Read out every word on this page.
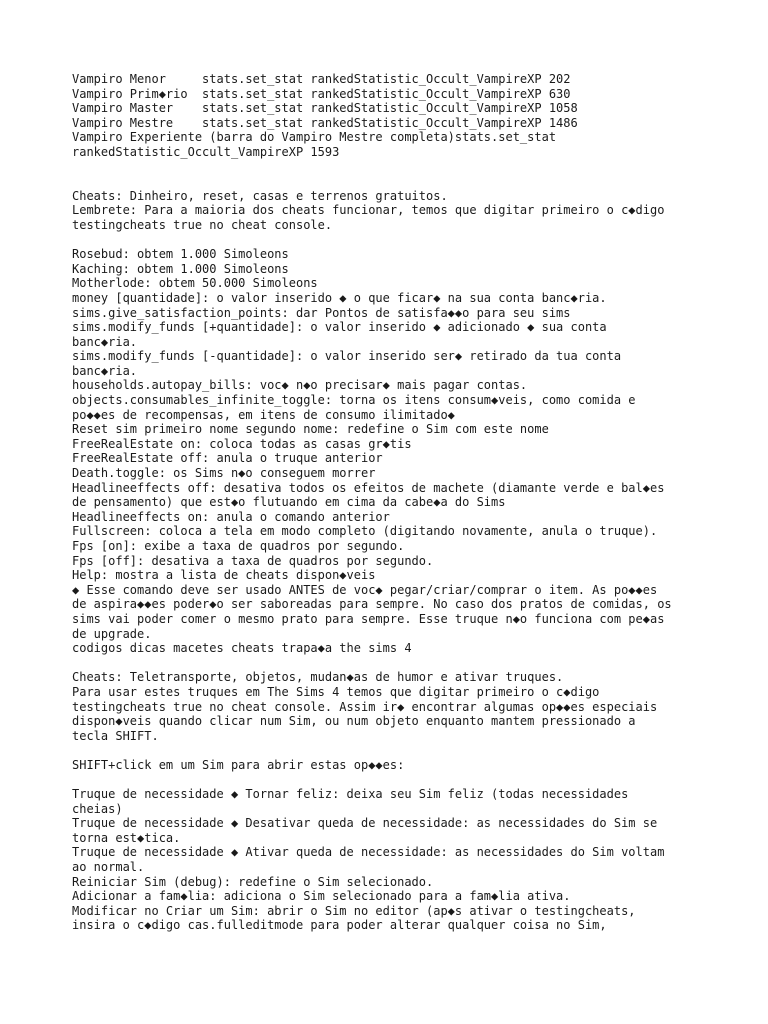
Vampiro Menor     stats.set_stat rankedStatistic_Occult_VampireXP 202
Vampiro Prim◆rio  stats.set_stat rankedStatistic_Occult_VampireXP 630
Vampiro Master    stats.set_stat rankedStatistic_Occult_VampireXP 1058
Vampiro Mestre    stats.set_stat rankedStatistic_Occult_VampireXP 1486
Vampiro Experiente (barra do Vampiro Mestre completa)stats.set_stat
rankedStatistic_Occult_VampireXP 1593
Cheats: Dinheiro, reset, casas e terrenos gratuitos.
Lembrete: Para a maioria dos cheats funcionar, temos que digitar primeiro o c◆digo
testingcheats true no cheat console.
Rosebud: obtem 1.000 Simoleons
Kaching: obtem 1.000 Simoleons
Motherlode: obtem 50.000 Simoleons
money [quantidade]: o valor inserido ◆ o que ficar◆ na sua conta banc◆ria.
sims.give_satisfaction_points: dar Pontos de satisfa◆◆o para seu sims
sims.modify_funds [+quantidade]: o valor inserido ◆ adicionado ◆ sua conta
banc◆ria.
sims.modify_funds [-quantidade]: o valor inserido ser◆ retirado da tua conta
banc◆ria.
households.autopay_bills: voc◆ n◆o precisar◆ mais pagar contas.
objects.consumables_infinite_toggle: torna os itens consum◆veis, como comida e
po◆◆es de recompensas, em itens de consumo ilimitado◆
Reset sim primeiro nome segundo nome: redefine o Sim com este nome
FreeRealEstate on: coloca todas as casas gr◆tis
FreeRealEstate off: anula o truque anterior
Death.toggle: os Sims n◆o conseguem morrer
Headlineeffects off: desativa todos os efeitos de machete (diamante verde e bal◆es
de pensamento) que est◆o flutuando em cima da cabe◆a do Sims
Headlineeffects on: anula o comando anterior
Fullscreen: coloca a tela em modo completo (digitando novamente, anula o truque).
Fps [on]: exibe a taxa de quadros por segundo.
Fps [off]: desativa a taxa de quadros por segundo.
Help: mostra a lista de cheats dispon◆veis
◆ Esse comando deve ser usado ANTES de voc◆ pegar/criar/comprar o item. As po◆◆es
de aspira◆◆es poder◆o ser saboreadas para sempre. No caso dos pratos de comidas, os
sims vai poder comer o mesmo prato para sempre. Esse truque n◆o funciona com pe◆as
de upgrade.
codigos dicas macetes cheats trapa◆a the sims 4
Cheats: Teletransporte, objetos, mudan◆as de humor e ativar truques.
Para usar estes truques em The Sims 4 temos que digitar primeiro o c◆digo
testingcheats true no cheat console. Assim ir◆ encontrar algumas op◆◆es especiais
dispon◆veis quando clicar num Sim, ou num objeto enquanto mantem pressionado a
tecla SHIFT.
SHIFT+click em um Sim para abrir estas op◆◆es:
Truque de necessidade ◆ Tornar feliz: deixa seu Sim feliz (todas necessidades
cheias)
Truque de necessidade ◆ Desativar queda de necessidade: as necessidades do Sim se
torna est◆tica.
Truque de necessidade ◆ Ativar queda de necessidade: as necessidades do Sim voltam
ao normal.
Reiniciar Sim (debug): redefine o Sim selecionado.
Adicionar a fam◆lia: adiciona o Sim selecionado para a fam◆lia ativa.
Modificar no Criar um Sim: abrir o Sim no editor (ap◆s ativar o testingcheats,
insira o c◆digo cas.fulleditmode para poder alterar qualquer coisa no Sim,
